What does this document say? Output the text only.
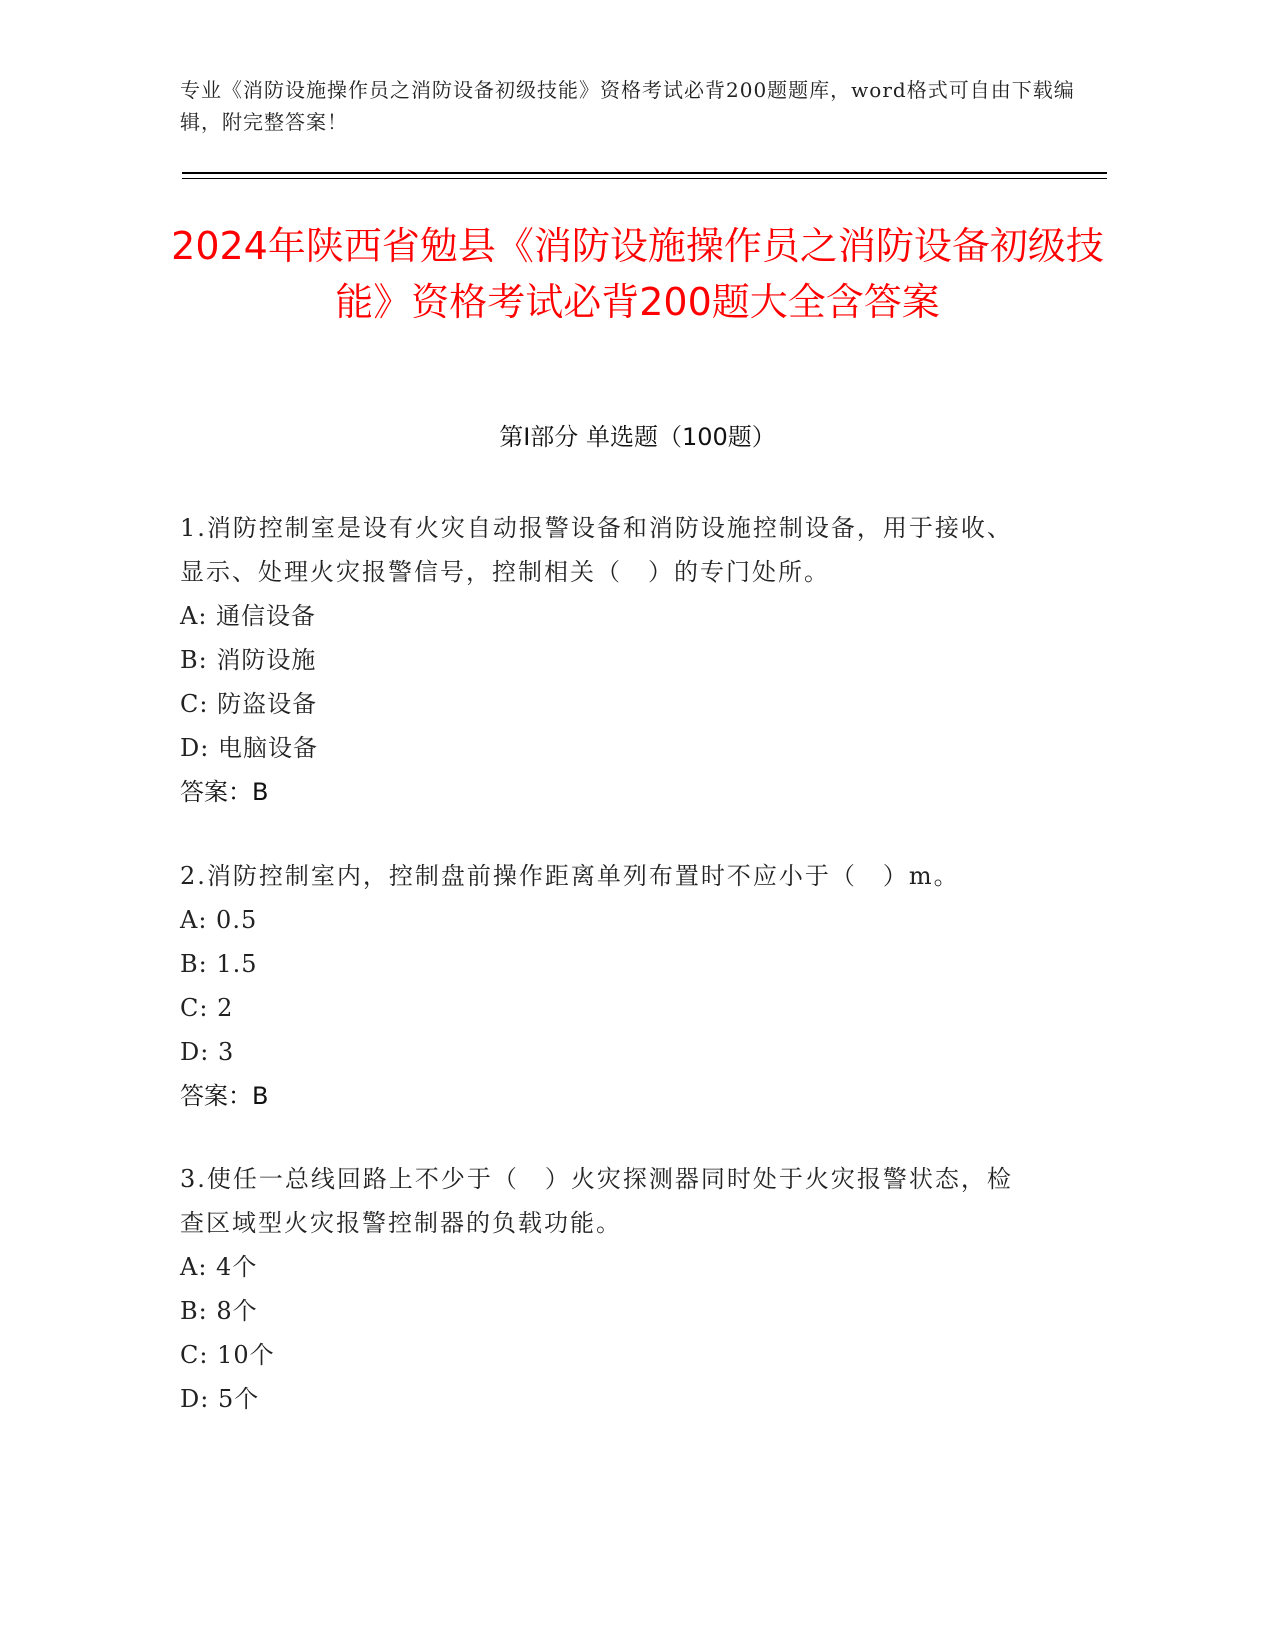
专业《消防设施操作员之消防设备初级技能》资格考试必背200题题库，word格式可自由下载编辑，附完整答案！
2024年陕西省勉县《消防设施操作员之消防设备初级技能》资格考试必背200题大全含答案
第I部分 单选题（100题）
1.消防控制室是设有火灾自动报警设备和消防设施控制设备，用于接收、显示、处理火灾报警信号，控制相关（　）的专门处所。
A: 通信设备
B: 消防设施
C: 防盗设备
D: 电脑设备
答案：B
2.消防控制室内，控制盘前操作距离单列布置时不应小于（　）m。
A: 0.5
B: 1.5
C: 2
D: 3
答案：B
3.使任一总线回路上不少于（　）火灾探测器同时处于火灾报警状态，检查区域型火灾报警控制器的负载功能。
A: 4个
B: 8个
C: 10个
D: 5个
